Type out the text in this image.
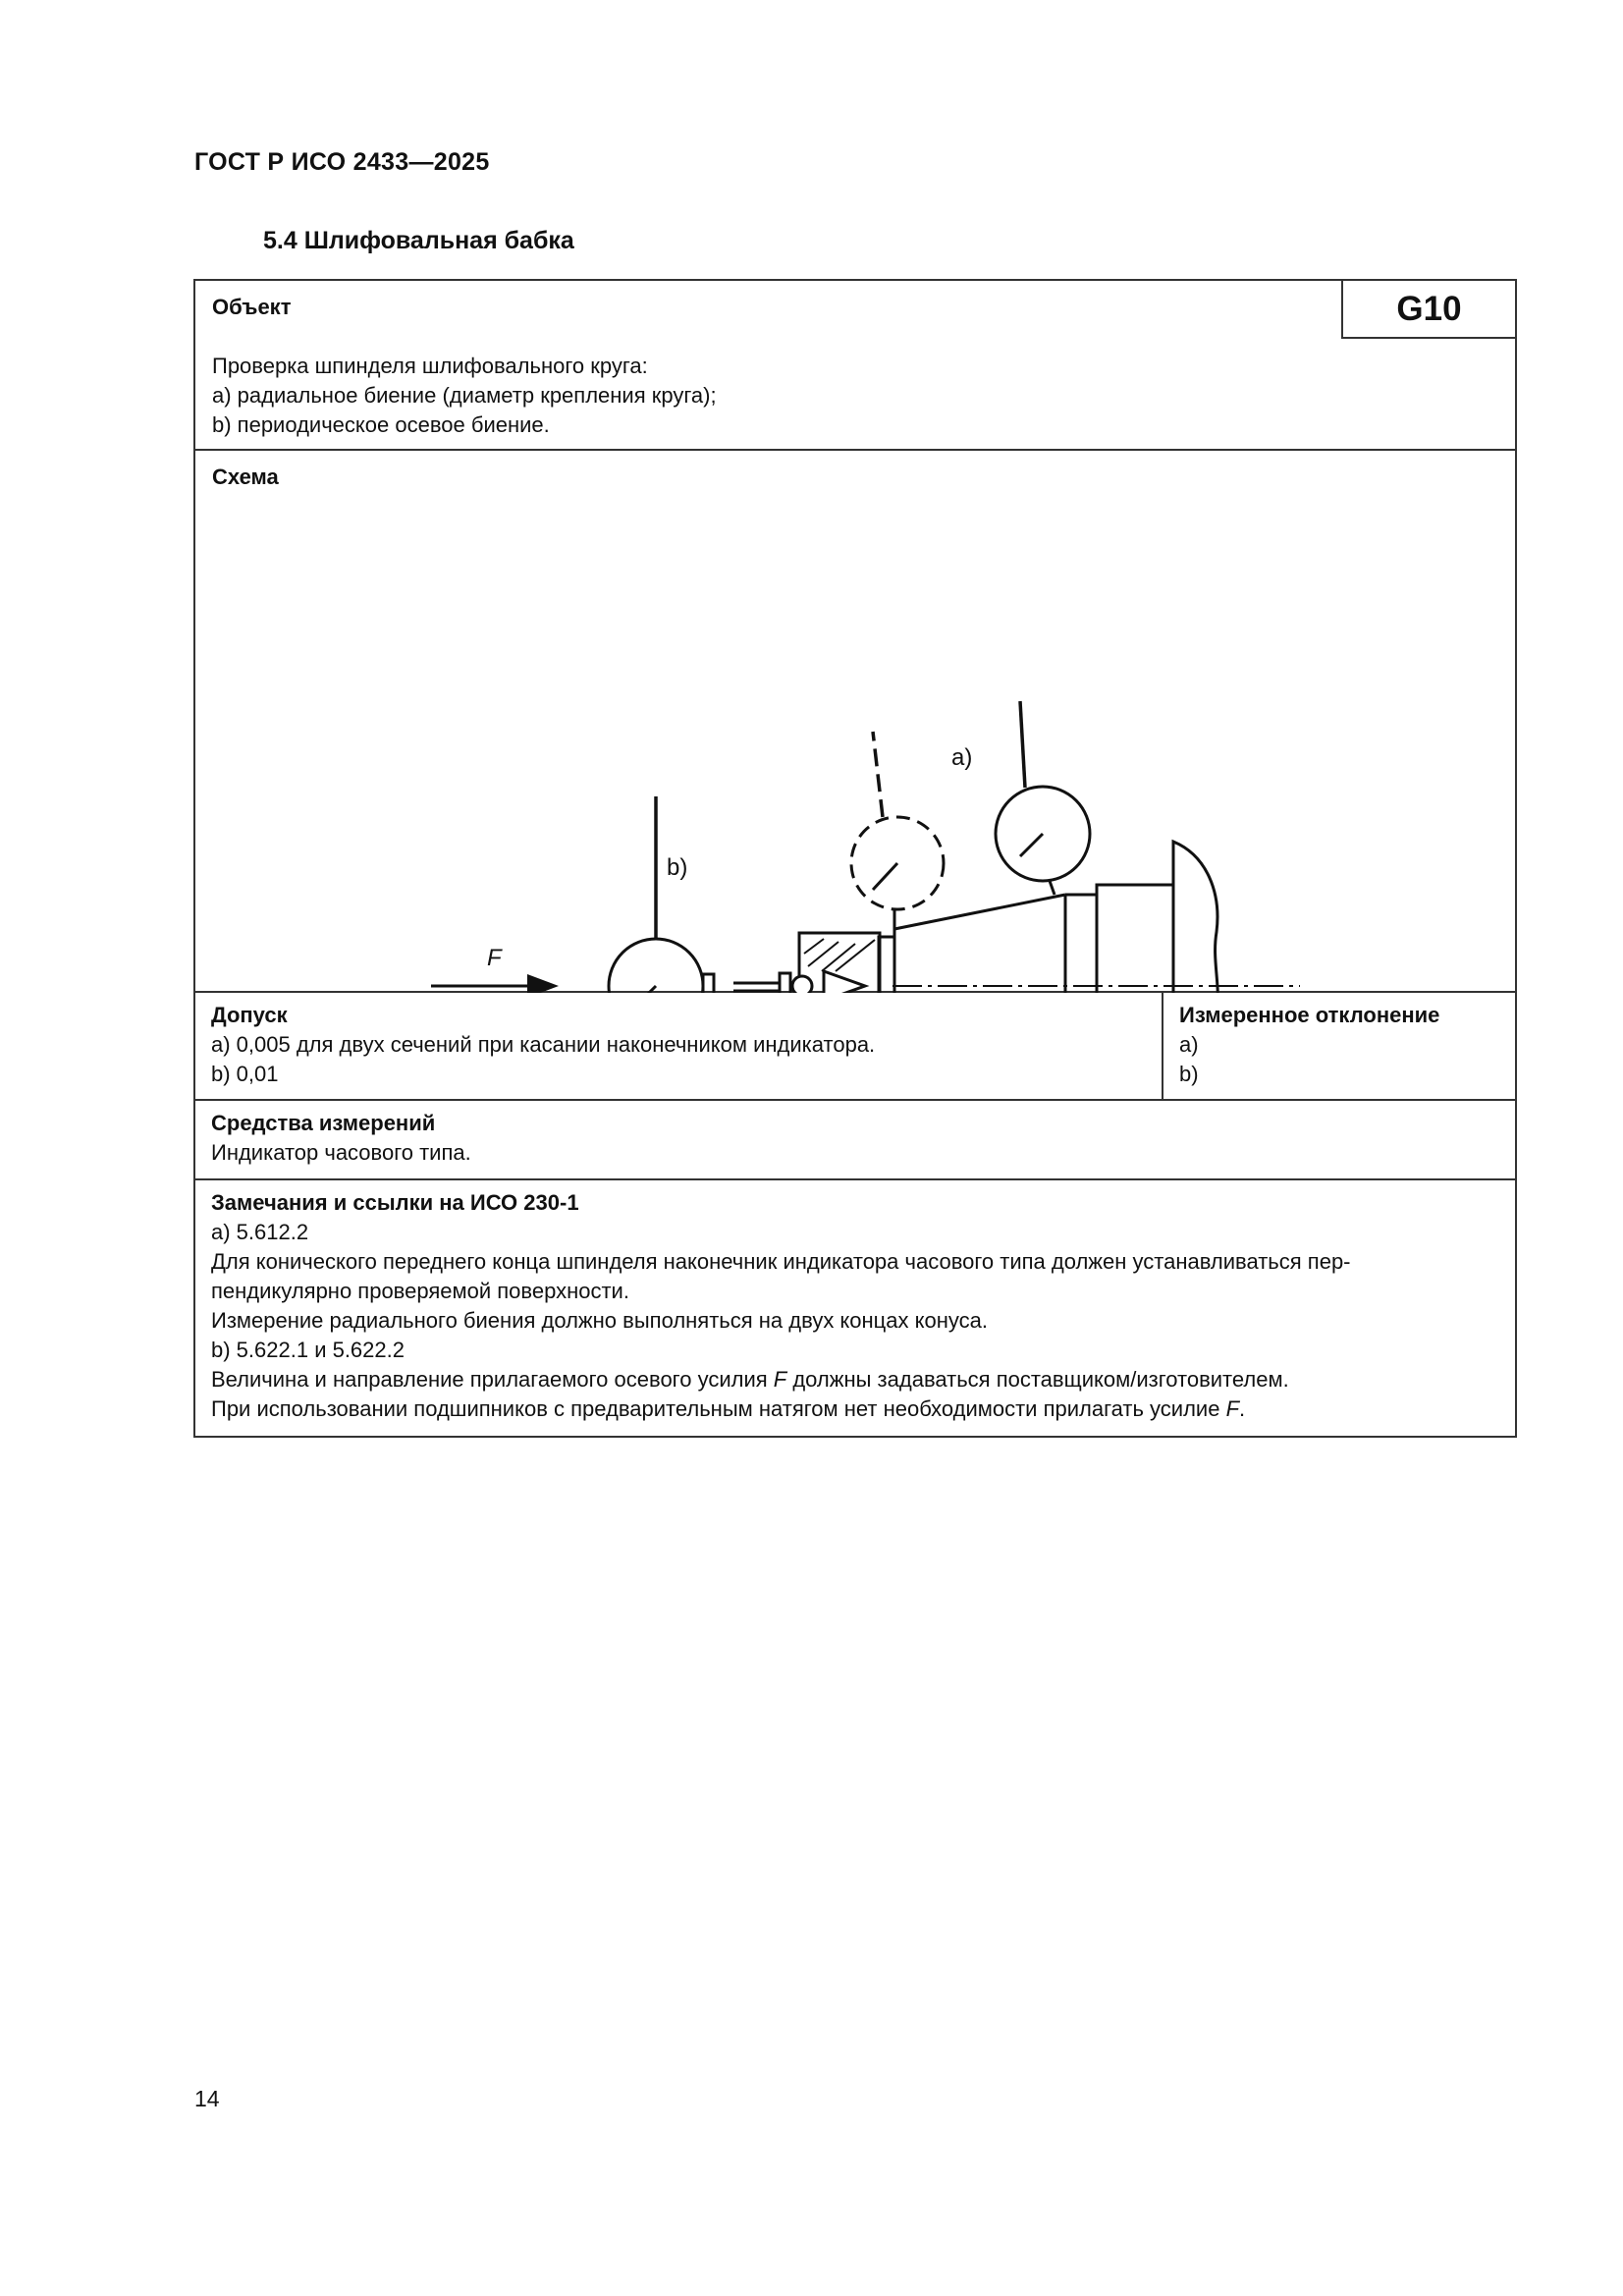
ГОСТ Р ИСО 2433—2025
5.4 Шлифовальная бабка
Объект	G10
Проверка шпинделя шлифовального круга:
a) радиальное биение (диаметр крепления круга);
b) периодическое осевое биение.
Схема
a)
b)
F
Допуск
a) 0,005 для двух сечений при касании наконечником индикатора.
b) 0,01
Измеренное отклонение
a)
b)
Средства измерений
Индикатор часового типа.
Замечания и ссылки на ИСО 230-1
a) 5.612.2
Для конического переднего конца шпинделя наконечник индикатора часового типа должен устанавливаться пер-
пендикулярно проверяемой поверхности.
Измерение радиального биения должно выполняться на двух концах конуса.
b) 5.622.1 и 5.622.2
Величина и направление прилагаемого осевого усилия F должны задаваться поставщиком/изготовителем.
При использовании подшипников с предварительным натягом нет необходимости прилагать усилие F.
14
